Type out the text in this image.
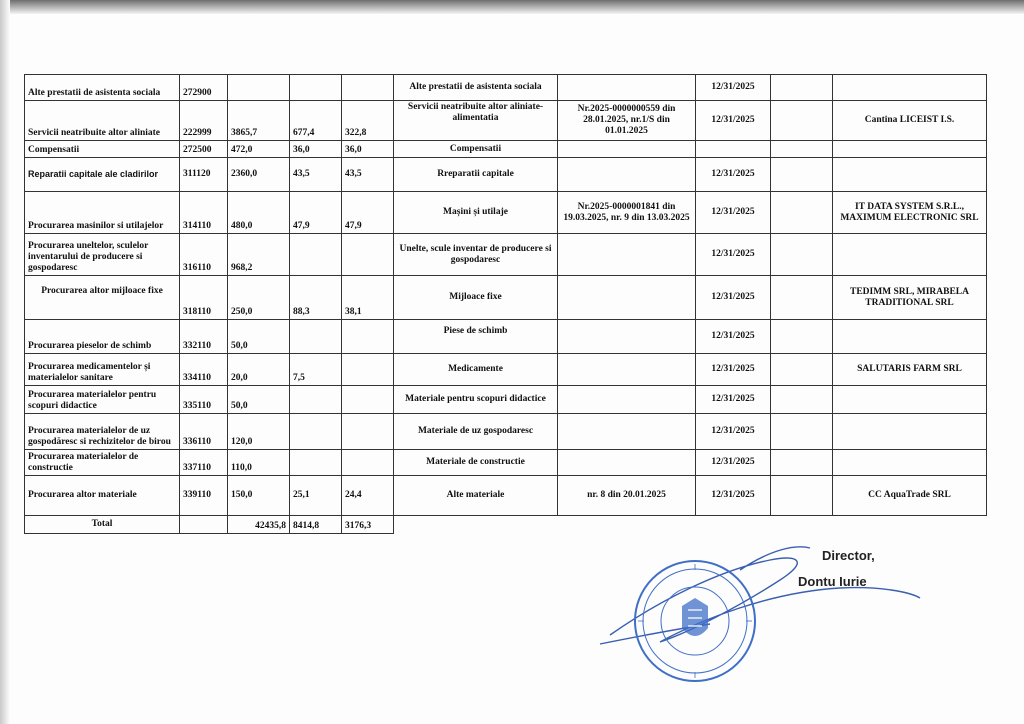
Alte prestatii de asistenta sociala	272900				Alte prestatii de asistenta sociala		12/31/2025		
Servicii neatribuite altor aliniate	222999	3865,7	677,4	322,8	Servicii neatribuite altor aliniate-alimentatia	Nr.2025-0000000559 din 28.01.2025, nr.1/S din 01.01.2025	12/31/2025		Cantina LICEIST I.S.
Compensatii	272500	472,0	36,0	36,0	Compensatii				
Reparatii capitale ale cladirilor	311120	2360,0	43,5	43,5	Rreparatii capitale		12/31/2025		
Procurarea masinilor si utilajelor	314110	480,0	47,9	47,9	Mașini și utilaje	Nr.2025-0000001841 din 19.03.2025, nr. 9 din 13.03.2025	12/31/2025		IT DATA SYSTEM S.R.L., MAXIMUM ELECTRONIC SRL
Procurarea uneltelor, sculelor inventarului de producere si gospodaresc	316110	968,2			Unelte, scule inventar de producere si gospodaresc		12/31/2025		
Procurarea altor mijloace fixe	318110	250,0	88,3	38,1	Mijloace fixe		12/31/2025		TEDIMM SRL, MIRABELA TRADITIONAL SRL
Procurarea pieselor de schimb	332110	50,0			Piese de schimb		12/31/2025		
Procurarea medicamentelor și materialelor sanitare	334110	20,0	7,5		Medicamente		12/31/2025		SALUTARIS FARM SRL
Procurarea materialelor pentru scopuri didactice	335110	50,0			Materiale pentru scopuri didactice		12/31/2025		
Procurarea materialelor de uz gospodăresc si rechizitelor de birou	336110	120,0			Materiale de uz gospodaresc		12/31/2025		
Procurarea materialelor de constructie	337110	110,0			Materiale de constructie		12/31/2025		
Procurarea altor materiale	339110	150,0	25,1	24,4	Alte materiale	nr. 8 din 20.01.2025	12/31/2025		CC AquaTrade SRL
Total		42435,8	8414,8	3176,3					
Director,
Dontu Iurie
